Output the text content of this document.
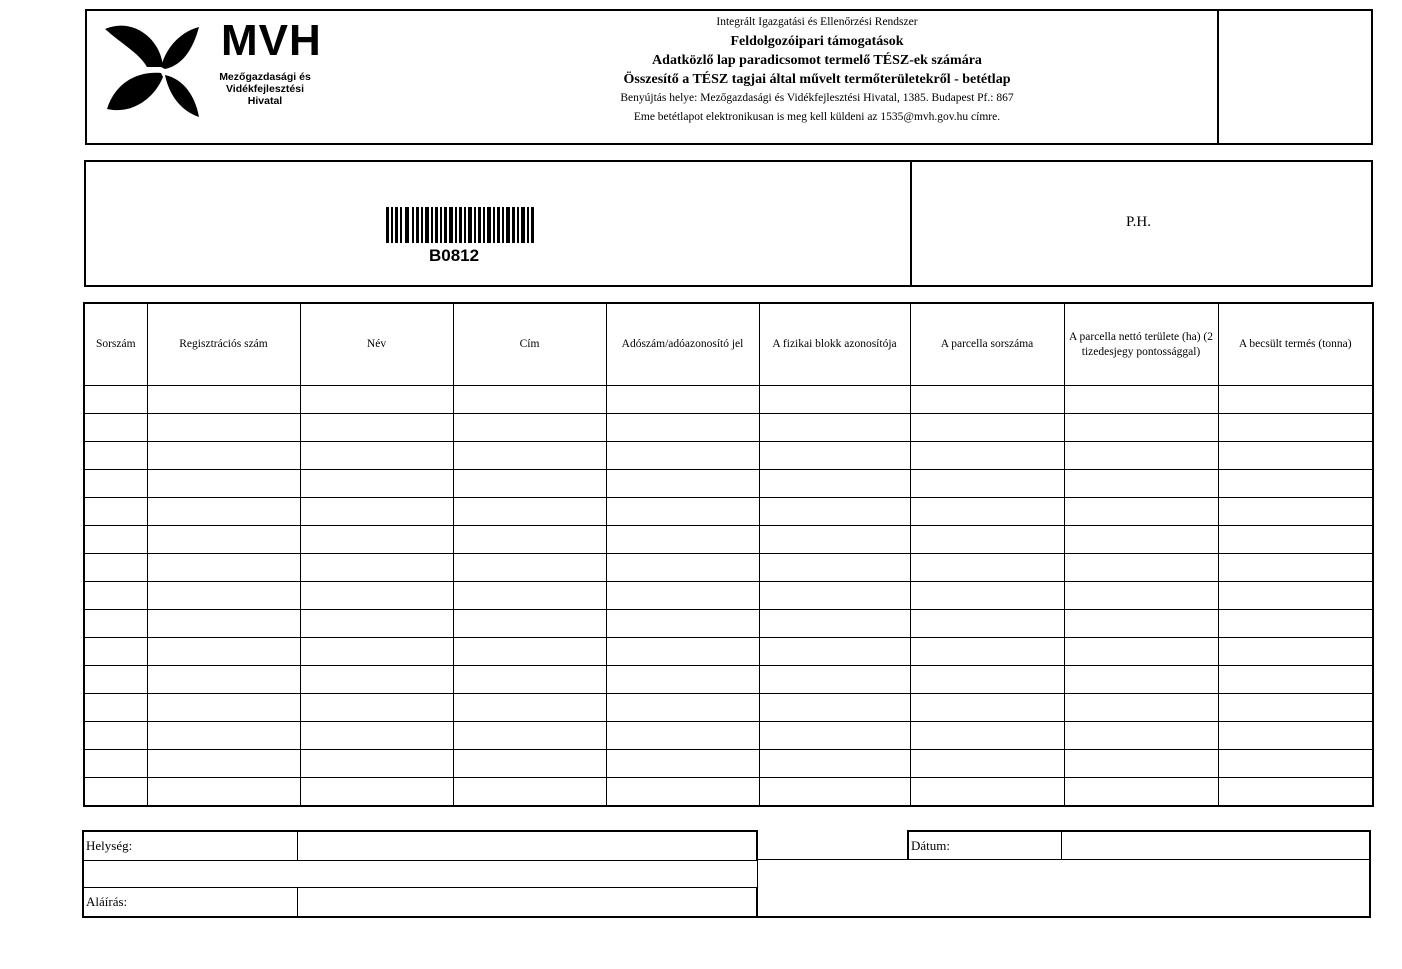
MVH
Mezőgazdasági és
Vidékfejlesztési
Hivatal
Integrált Igazgatási és Ellenőrzési Rendszer
Feldolgozóipari támogatások
Adatközlő lap paradicsomot termelő TÉSZ-ek számára
Összesítő a TÉSZ tagjai által művelt termőterületekről - betétlap
Benyújtás helye: Mezőgazdasági és Vidékfejlesztési Hivatal, 1385. Budapest Pf.: 867
Eme betétlapot elektronikusan is meg kell küldeni az 1535@mvh.gov.hu címre.
B0812
P.H.
Sorszám	Regisztrációs szám	Név	Cím	Adószám/adóazonosító jel	A fizikai blokk azonosítója	A parcella sorszáma	A parcella nettó területe (ha) (2 tizedesjegy pontossággal)	A becsült termés (tonna)

Helység:
Aláírás:
Dátum:
